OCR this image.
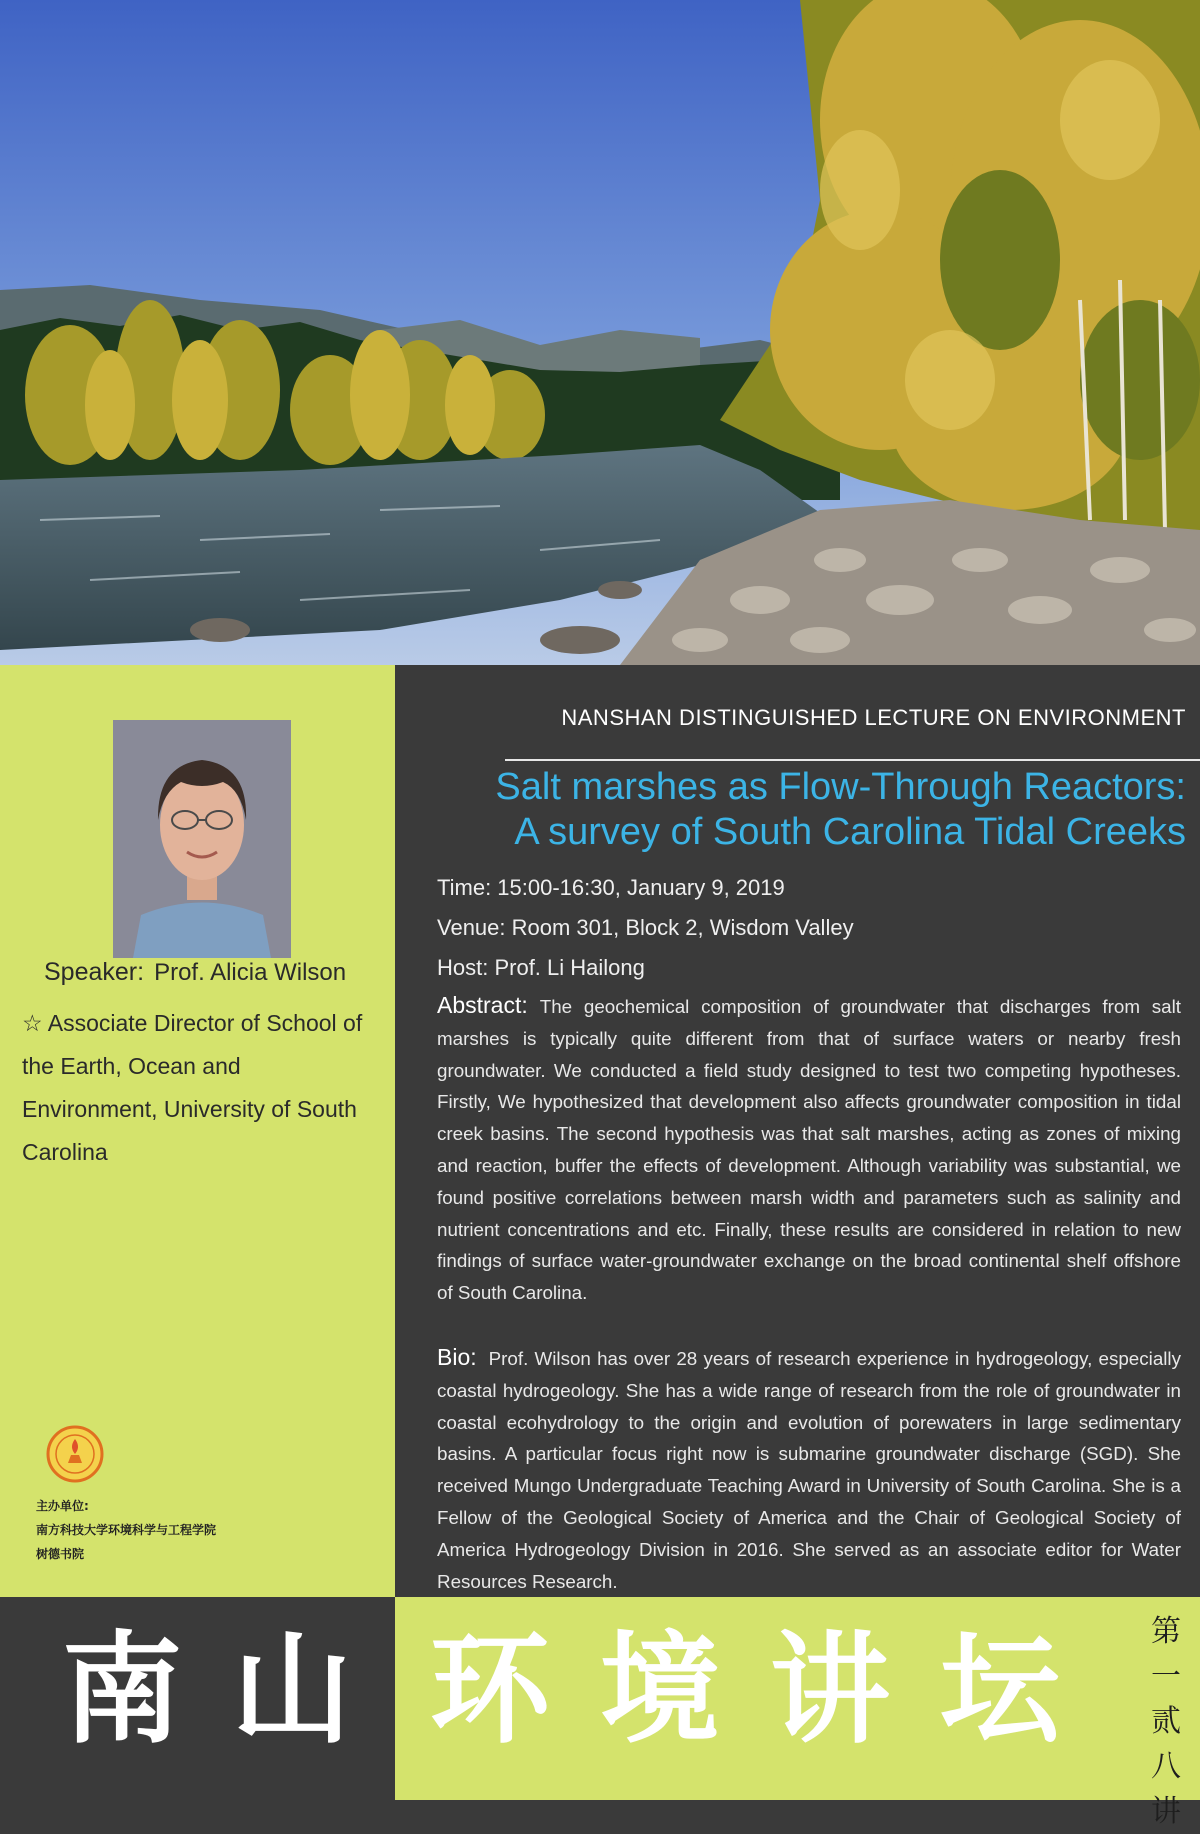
Speaker: Prof. Alicia Wilson
☆ Associate Director of School of the Earth, Ocean and Environment, University of South Carolina
主办单位:
南方科技大学环境科学与工程学院
树德书院
NANSHAN DISTINGUISHED LECTURE ON ENVIRONMENT
Salt marshes as Flow-Through Reactors:
A survey of South Carolina Tidal Creeks
Time: 15:00-16:30, January 9, 2019
Venue: Room 301, Block 2, Wisdom Valley
Host: Prof. Li Hailong
Abstract: The geochemical composition of groundwater that discharges from salt marshes is typically quite different from that of surface waters or nearby fresh groundwater. We conducted a field study designed to test two competing hypotheses. Firstly, We hypothesized that development also affects groundwater composition in tidal creek basins. The second hypothesis was that salt marshes, acting as zones of mixing and reaction, buffer the effects of development. Although variability was substantial, we found positive correlations between marsh width and parameters such as salinity and nutrient concentrations and etc. Finally, these results are considered in relation to new findings of surface water-groundwater exchange on the broad continental shelf offshore of South Carolina.
Bio: Prof. Wilson has over 28 years of research experience in hydrogeology, especially coastal hydrogeology. She has a wide range of research from the role of groundwater in coastal ecohydrology to the origin and evolution of porewaters in large sedimentary basins. A particular focus right now is submarine groundwater discharge (SGD). She received Mungo Undergraduate Teaching Award in University of South Carolina. She is a Fellow of the Geological Society of America and the Chair of Geological Society of America Hydrogeology Division in 2016. She served as an associate editor for Water Resources Research.
南 山 环 境 讲 坛	第
一
贰
八
讲
